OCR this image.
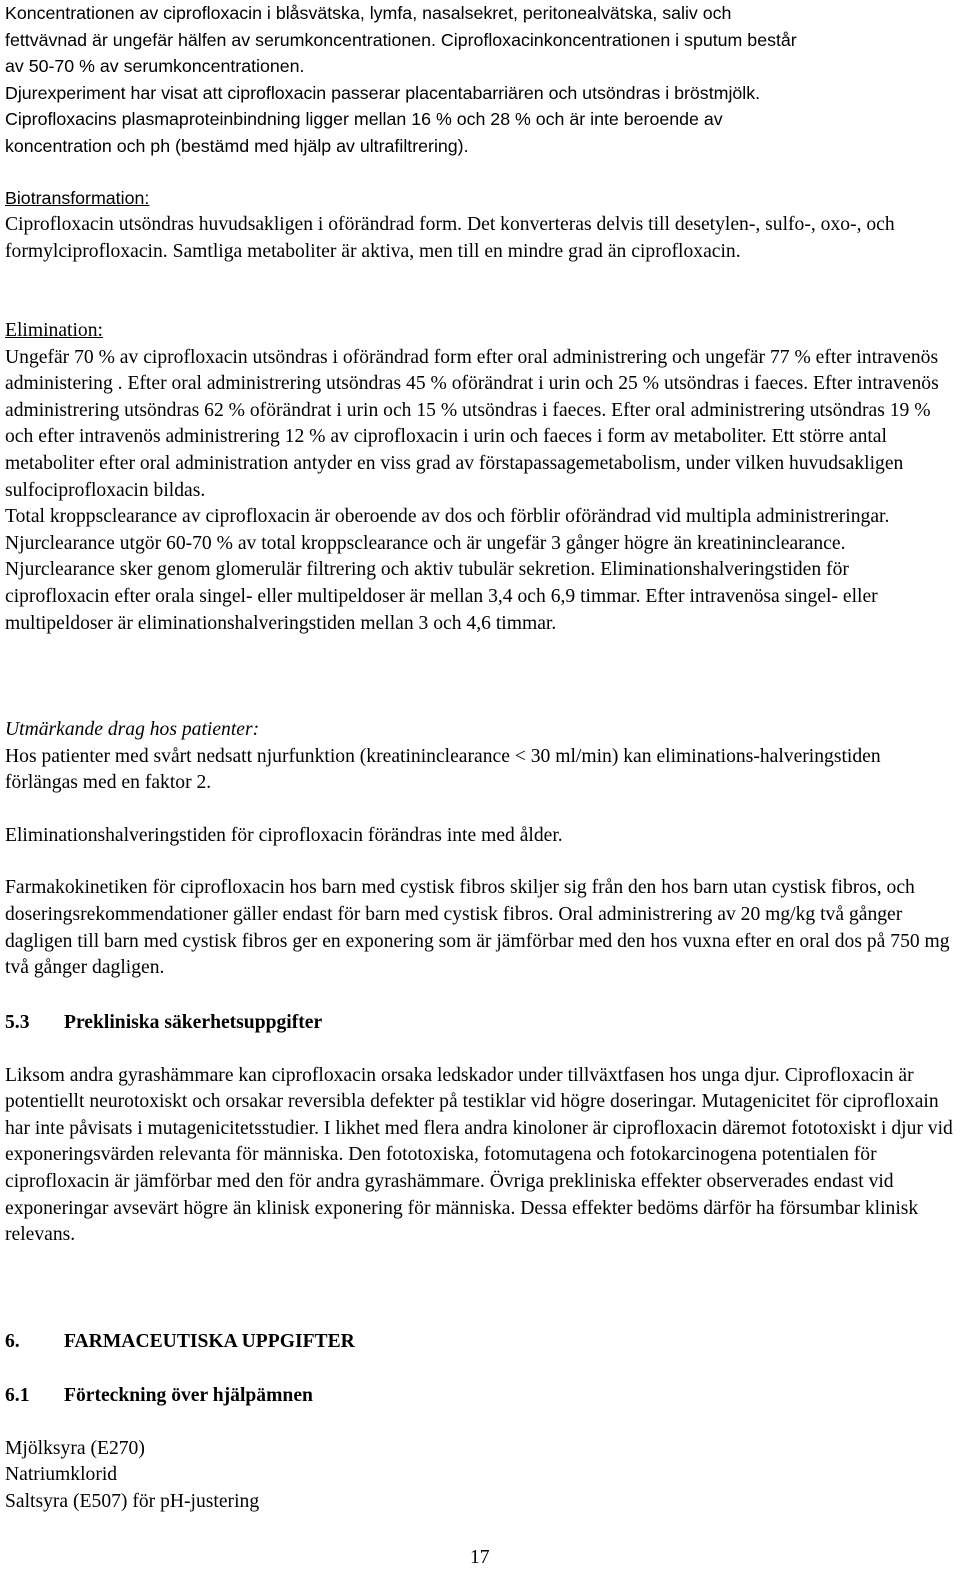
Koncentrationen av ciprofloxacin i blåsvätska, lymfa, nasalsekret, peritonealvätska, saliv och

fettvävnad är ungefär hälfen av serumkoncentrationen. Ciprofloxacinkoncentrationen i sputum består

av 50-70 % av serumkoncentrationen.

Djurexperiment har visat att ciprofloxacin passerar placentabarriären och utsöndras i bröstmjölk.

Ciprofloxacins plasmaproteinbindning ligger mellan 16 % och 28 % och är inte beroende av

koncentration och ph (bestämd med hjälp av ultrafiltrering).

Biotransformation:

Ciprofloxacin utsöndras huvudsakligen i oförändrad form. Det konverteras delvis till desetylen-, sulfo-, oxo-, och formylciprofloxacin. Samtliga metaboliter är aktiva, men till en mindre grad än ciprofloxacin.

Elimination:

Ungefär 70 % av ciprofloxacin utsöndras i oförändrad form efter oral administrering och ungefär 77 % efter intravenös administering . Efter oral administrering utsöndras 45 % oförändrat i urin och 25 % utsöndras i faeces. Efter intravenös administrering utsöndras 62 % oförändrat i urin och 15 % utsöndras i faeces. Efter oral administrering utsöndras 19 % och efter intravenös administrering 12 % av ciprofloxacin i urin och faeces i form av metaboliter. Ett större antal metaboliter efter oral administration antyder en viss grad av förstapassagemetabolism, under vilken huvudsakligen sulfociprofloxacin bildas.

Total kroppsclearance av ciprofloxacin är oberoende av dos och förblir oförändrad vid multipla administreringar. Njurclearance utgör 60-70 % av total kroppsclearance och är ungefär 3 gånger högre än kreatininclearance. Njurclearance sker genom glomerulär filtrering och aktiv tubulär sekretion. Eliminationshalveringstiden för ciprofloxacin efter orala singel- eller multipeldoser är mellan 3,4 och 6,9 timmar. Efter intravenösa singel- eller multipeldoser är eliminationshalveringstiden mellan 3 och 4,6 timmar.

Utmärkande drag hos patienter:

Hos patienter med svårt nedsatt njurfunktion (kreatininclearance < 30 ml/min) kan eliminations-halveringstiden förlängas med en faktor 2.

Eliminationshalveringstiden för ciprofloxacin förändras inte med ålder.

Farmakokinetiken för ciprofloxacin hos barn med cystisk fibros skiljer sig från den hos barn utan cystisk fibros, och doseringsrekommendationer gäller endast för barn med cystisk fibros. Oral administrering av 20 mg/kg två gånger dagligen till barn med cystisk fibros ger en exponering som är jämförbar med den hos vuxna efter en oral dos på 750 mg två gånger dagligen.

5.3 Prekliniska säkerhetsuppgifter

Liksom andra gyrashämmare kan ciprofloxacin orsaka ledskador under tillväxtfasen hos unga djur. Ciprofloxacin är potentiellt neurotoxiskt och orsakar reversibla defekter på testiklar vid högre doseringar. Mutagenicitet för ciprofloxain har inte påvisats i mutagenicitetsstudier. I likhet med flera andra kinoloner är ciprofloxacin däremot fototoxiskt i djur vid exponeringsvärden relevanta för människa. Den fototoxiska, fotomutagena och fotokarcinogena potentialen för ciprofloxacin är jämförbar med den för andra gyrashämmare. Övriga prekliniska effekter observerades endast vid exponeringar avsevärt högre än klinisk exponering för människa. Dessa effekter bedöms därför ha försumbar klinisk relevans.

6. FARMACEUTISKA UPPGIFTER
6.1 Förteckning över hjälpämnen

Mjölksyra (E270)

Natriumklorid

Saltsyra (E507) för pH-justering

17
